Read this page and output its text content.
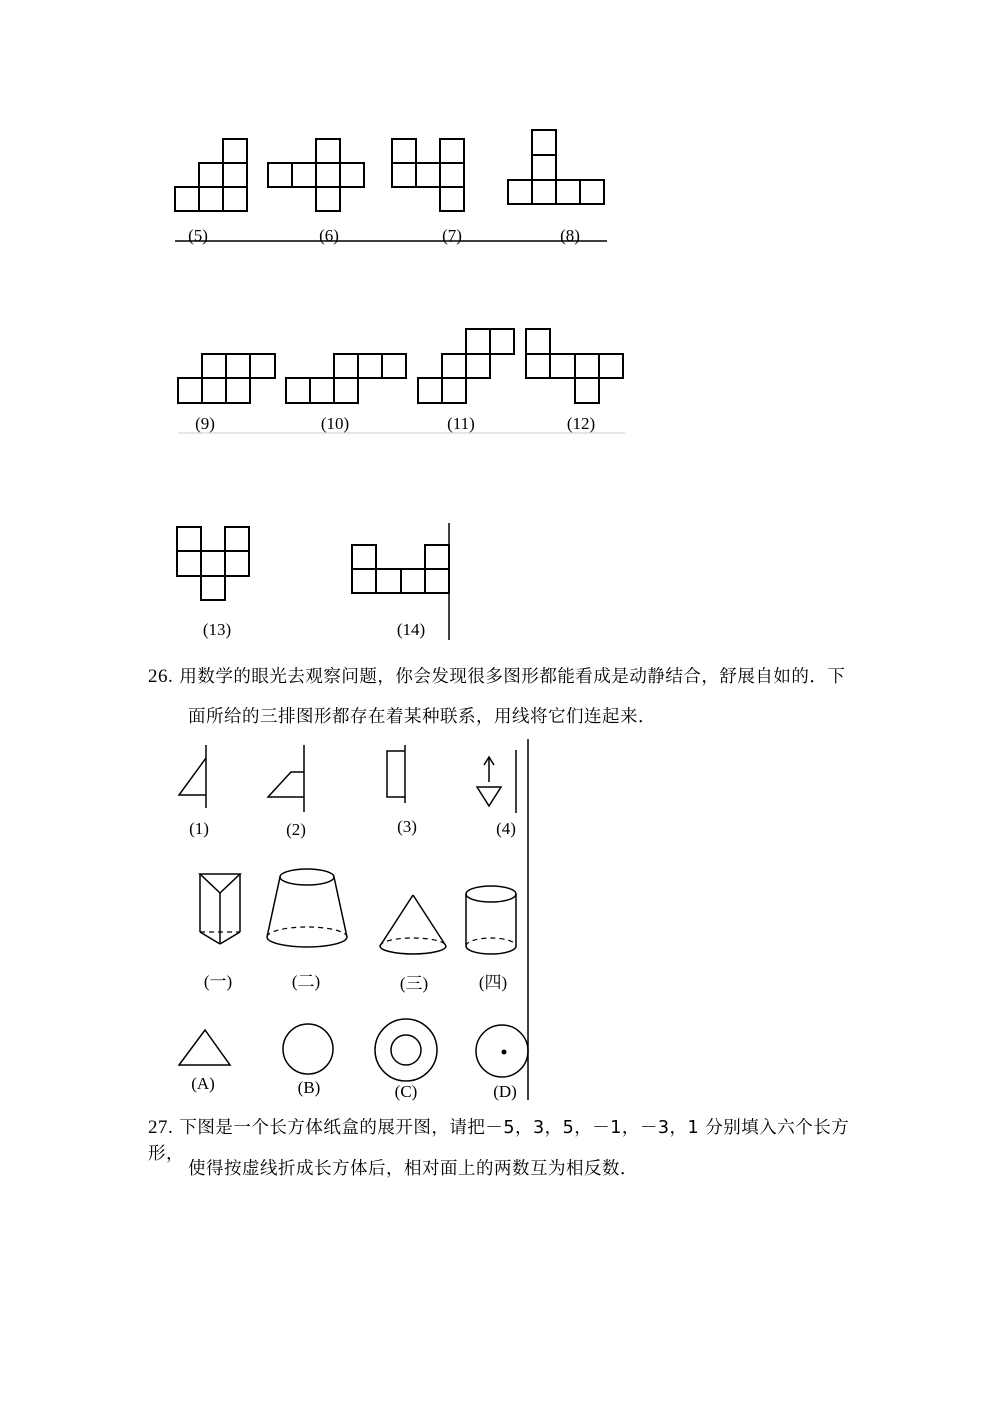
(5)	(6)	(7)	(8)
(9)	(10)	(11)	(12)
(13)	(14)
26. 用数学的眼光去观察问题，你会发现很多图形都能看成是动静结合，舒展自如的．下
面所给的三排图形都存在着某种联系，用线将它们连起来．
(1)	(2)	(3)	(4)
(一)	(二)	(三)	(四)
(A)	(B)	(C)	(D)
27. 下图是一个长方体纸盒的展开图，请把－5，3，5，－1，－3，1 分别填入六个长方形，
使得按虚线折成长方体后，相对面上的两数互为相反数．
